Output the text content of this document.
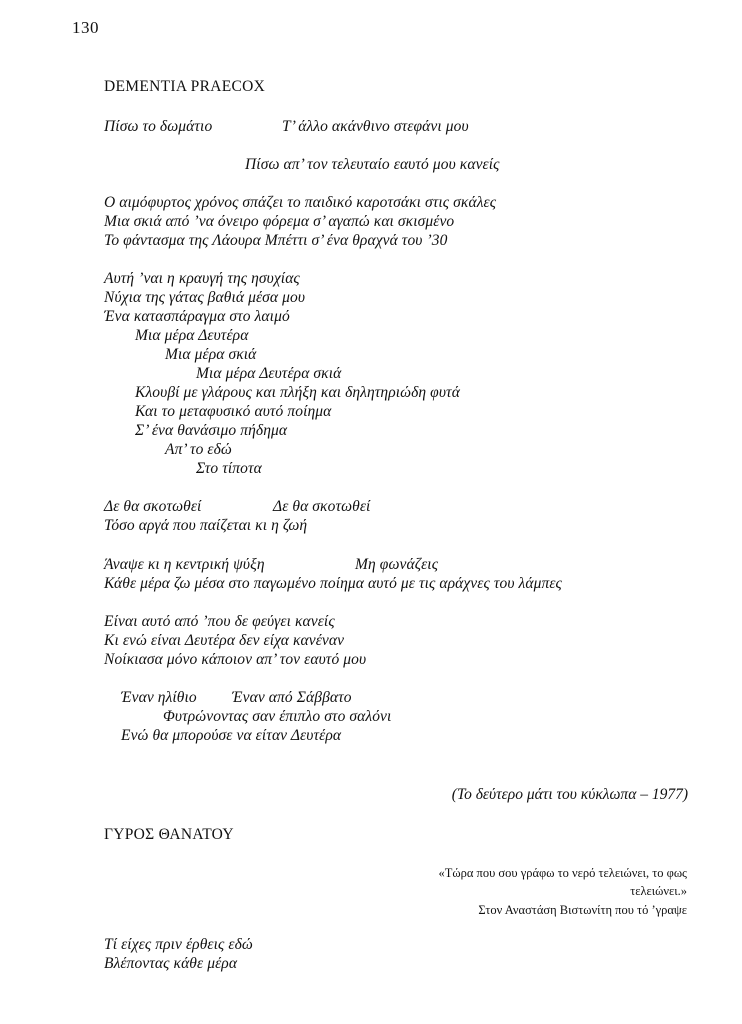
130
DEMENTIA PRAECOX
Πίσω το δωμάτιο	Τ’ άλλο ακάνθινο στεφάνι μου
Πίσω απ’ τον τελευταίο εαυτό μου κανείς
Ο αιμόφυρτος χρόνος σπάζει το παιδικό καροτσάκι στις σκάλες
Μια σκιά από ’να όνειρο φόρεμα σ’ αγαπώ και σκισμένο
Το φάντασμα της Λάουρα Μπέττι σ’ ένα θραχνά του ’30
Αυτή ’ναι η κραυγή της ησυχίας
Νύχια της γάτας βαθιά μέσα μου
Ένα κατασπάραγμα στο λαιμό
Μια μέρα Δευτέρα
Μια μέρα σκιά
Μια μέρα Δευτέρα σκιά
Κλουβί με γλάρους και πλήξη και δηλητηριώδη φυτά
Και το μεταφυσικό αυτό ποίημα
Σ’ ένα θανάσιμο πήδημα
Απ’ το εδώ
Στο τίποτα
Δε θα σκοτωθεί	Δε θα σκοτωθεί
Τόσο αργά που παίζεται κι η ζωή
Άναψε κι η κεντρική ψύξη	Μη φωνάζεις
Κάθε μέρα ζω μέσα στο παγωμένο ποίημα αυτό με τις αράχνες του λάμπες
Είναι αυτό από ’που δε φεύγει κανείς
Κι ενώ είναι Δευτέρα δεν είχα κανέναν
Νοίκιασα μόνο κάποιον απ’ τον εαυτό μου
Έναν ηλίθιο Έναν από Σάββατο
Φυτρώνοντας σαν έπιπλο στο σαλόνι
Ενώ θα μπορούσε να είταν Δευτέρα
(Το δεύτερο μάτι του κύκλωπα – 1977)
ΓΥΡΟΣ ΘΑΝΑΤΟΥ
«Τώρα που σου γράφω το νερό τελειώνει, το φως
τελειώνει.»
Στον Αναστάση Βιστωνίτη που τό ’γραψε
Τί είχες πριν έρθεις εδώ
Βλέποντας κάθε μέρα
